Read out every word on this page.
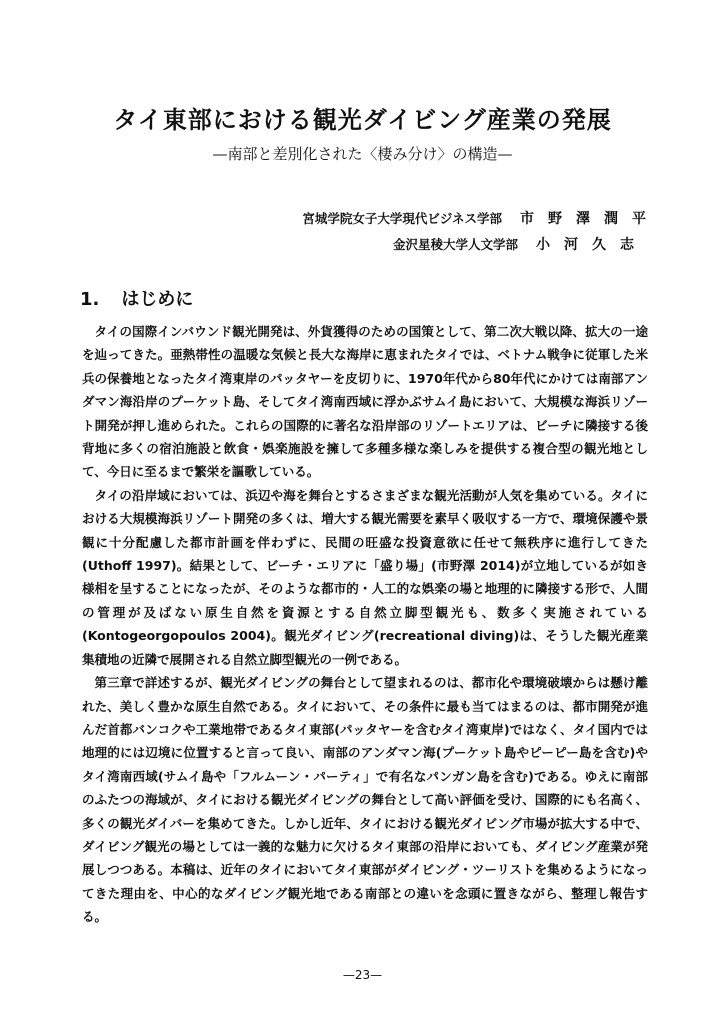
タイ東部における観光ダイビング産業の発展
—南部と差別化された〈棲み分け〉の構造—
宮城学院女子大学現代ビジネス学部	市野澤潤平
金沢星稜大学人文学部	小河久志
1. はじめに

タイの国際インバウンド観光開発は、外貨獲得のための国策として、第二次大戦以降、拡大の一途を辿ってきた。亜熱帯性の温暖な気候と長大な海岸に恵まれたタイでは、ベトナム戦争に従軍した米兵の保養地となったタイ湾東岸のパッタヤーを皮切りに、1970年代から80年代にかけては南部アンダマン海沿岸のプーケット島、そしてタイ湾南西域に浮かぶサムイ島において、大規模な海浜リゾート開発が押し進められた。これらの国際的に著名な沿岸部のリゾートエリアは、ビーチに隣接する後背地に多くの宿泊施設と飲食・娯楽施設を擁して多種多様な楽しみを提供する複合型の観光地として、今日に至るまで繁栄を謳歌している。

タイの沿岸域においては、浜辺や海を舞台とするさまざまな観光活動が人気を集めている。タイにおける大規模海浜リゾート開発の多くは、増大する観光需要を素早く吸収する一方で、環境保護や景観に十分配慮した都市計画を伴わずに、民間の旺盛な投資意欲に任せて無秩序に進行してきた(Uthoff 1997)。結果として、ビーチ・エリアに「盛り場」(市野澤 2014)が立地しているが如き様相を呈することになったが、そのような都市的・人工的な娯楽の場と地理的に隣接する形で、人間の管理が及ばない原生自然を資源とする自然立脚型観光も、数多く実施されている(Kontogeorgopoulos 2004)。観光ダイビング(recreational diving)は、そうした観光産業集積地の近隣で展開される自然立脚型観光の一例である。

第三章で詳述するが、観光ダイビングの舞台として望まれるのは、都市化や環境破壊からは懸け離れた、美しく豊かな原生自然である。タイにおいて、その条件に最も当てはまるのは、都市開発が進んだ首都バンコクや工業地帯であるタイ東部(パッタヤーを含むタイ湾東岸)ではなく、タイ国内では地理的には辺境に位置すると言って良い、南部のアンダマン海(プーケット島やピーピー島を含む)やタイ湾南西域(サムイ島や「フルムーン・パーティ」で有名なパンガン島を含む)である。ゆえに南部のふたつの海域が、タイにおける観光ダイビングの舞台として高い評価を受け、国際的にも名高く、多くの観光ダイバーを集めてきた。しかし近年、タイにおける観光ダイビング市場が拡大する中で、ダイビング観光の場としては一義的な魅力に欠けるタイ東部の沿岸においても、ダイビング産業が発展しつつある。本稿は、近年のタイにおいてタイ東部がダイビング・ツーリストを集めるようになってきた理由を、中心的なダイビング観光地である南部との違いを念頭に置きながら、整理し報告する。

—23—
